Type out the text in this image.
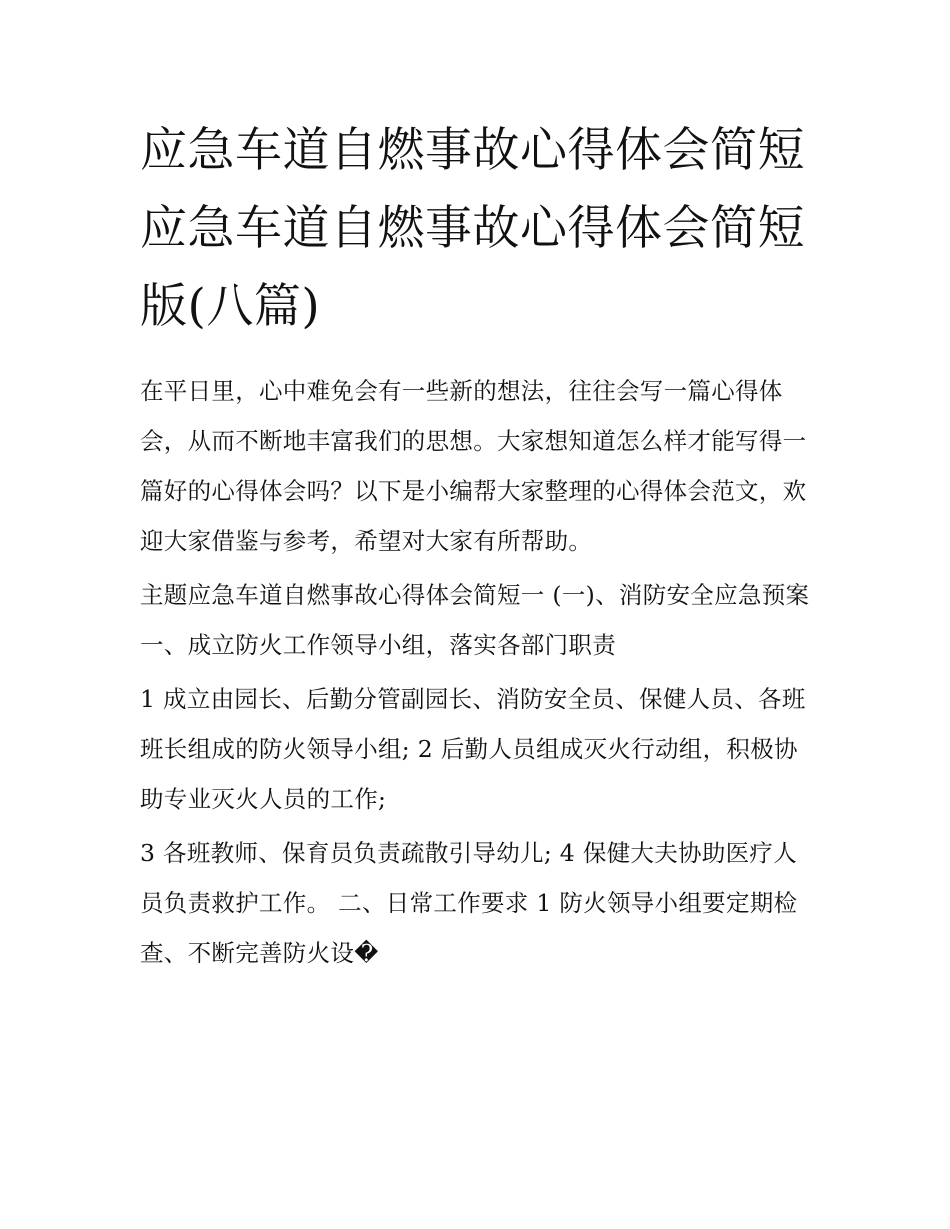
应急车道自燃事故心得体会简短 应急车道自燃事故心得体会简短版(八篇)

在平日里，心中难免会有一些新的想法，往往会写一篇心得体会，从而不断地丰富我们的思想。大家想知道怎么样才能写得一篇好的心得体会吗？以下是小编帮大家整理的心得体会范文，欢迎大家借鉴与参考，希望对大家有所帮助。

主题应急车道自燃事故心得体会简短一 (一)、消防安全应急预案 一、成立防火工作领导小组，落实各部门职责

1 成立由园长、后勤分管副园长、消防安全员、保健人员、各班班长组成的防火领导小组; 2 后勤人员组成灭火行动组，积极协助专业灭火人员的工作;

3 各班教师、保育员负责疏散引导幼儿; 4 保健大夫协助医疗人员负责救护工作。 二、日常工作要求 1 防火领导小组要定期检查、不断完善防火设�
